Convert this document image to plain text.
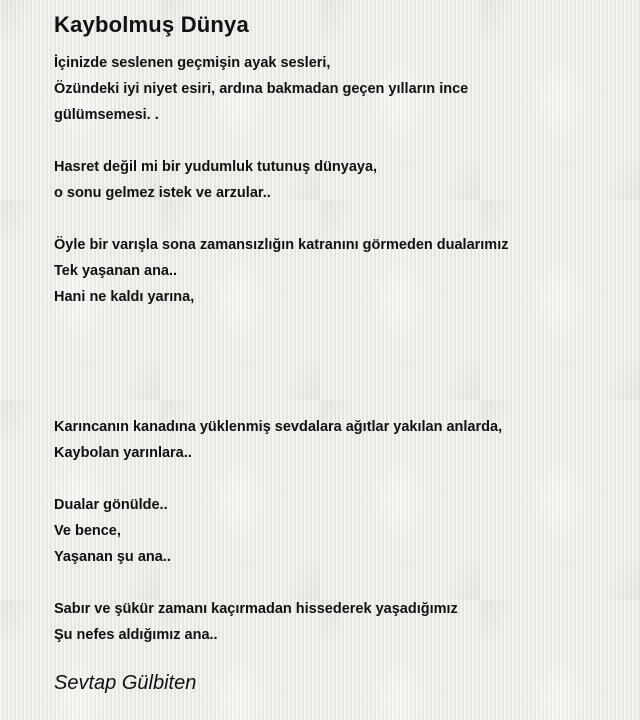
Kaybolmuş Dünya
İçinizde seslenen geçmişin ayak sesleri,
Özündeki iyi niyet esiri, ardına bakmadan geçen yılların ince
gülümsemesi. .
Hasret değil mi bir yudumluk tutunuş dünyaya,
o sonu gelmez istek ve arzular..
Öyle bir varışla sona zamansızlığın katranını görmeden dualarımız
Tek yaşanan ana..
Hani ne kaldı yarına,
Karıncanın kanadına yüklenmiş sevdalara ağıtlar yakılan anlarda,
Kaybolan yarınlara..
Dualar gönülde..
Ve bence,
Yaşanan şu ana..
Sabır ve şükür zamanı kaçırmadan hissederek yaşadığımız
Şu nefes aldığımız ana..
Sevtap Gülbiten
